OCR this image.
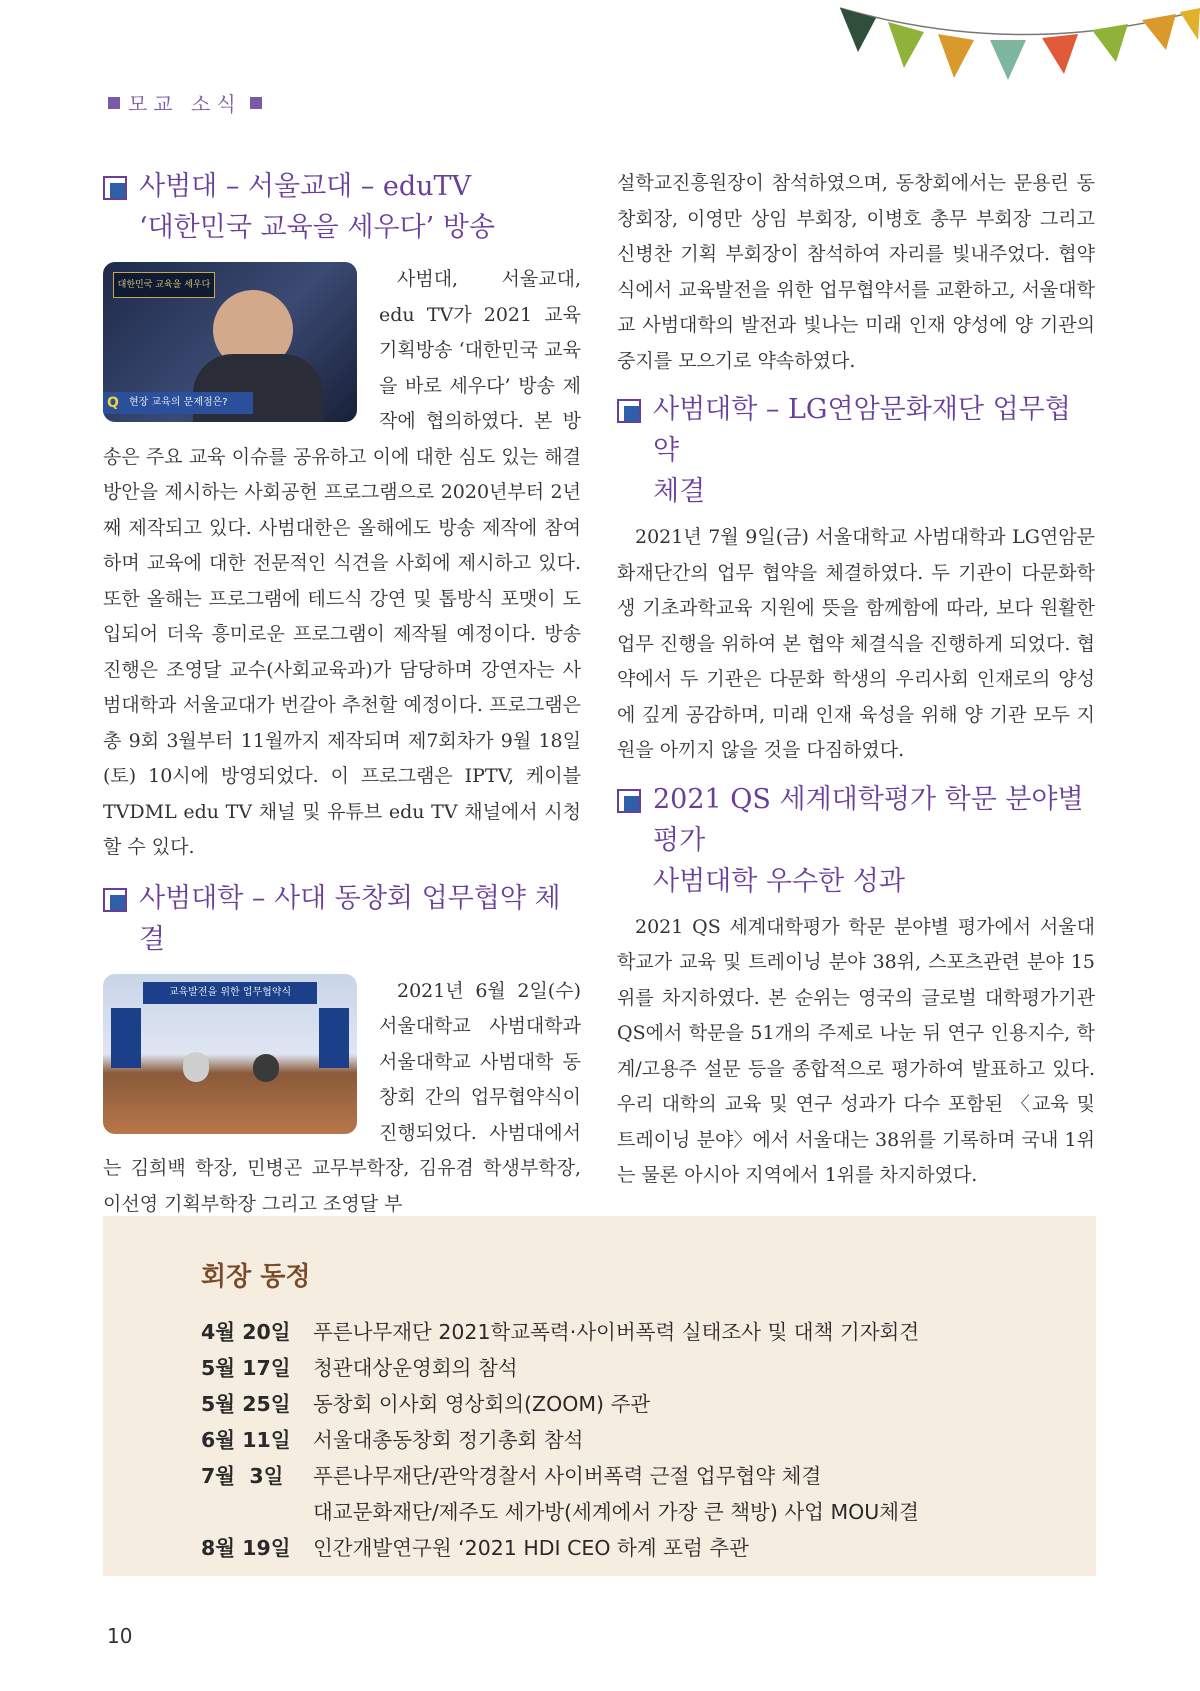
모교 소식
사범대 – 서울교대 – eduTV
‘대한민국 교육을 세우다’ 방송
대한민국 교육을 세우다
현장 교육의 문제점은?
Q

사범대, 서울교대, edu TV가 2021 교육 기획방송 ‘대한민국 교육을 바로 세우다’ 방송 제작에 협의하였다. 본 방송은 주요 교육 이슈를 공유하고 이에 대한 심도 있는 해결 방안을 제시하는 사회공헌 프로그램으로 2020년부터 2년째 제작되고 있다. 사범대한은 올해에도 방송 제작에 참여하며 교육에 대한 전문적인 식견을 사회에 제시하고 있다. 또한 올해는 프로그램에 테드식 강연 및 톱방식 포맷이 도입되어 더욱 흥미로운 프로그램이 제작될 예정이다. 방송진행은 조영달 교수(사회교육과)가 담당하며 강연자는 사범대학과 서울교대가 번갈아 추천할 예정이다. 프로그램은 총 9회 3월부터 11월까지 제작되며 제7회차가 9월 18일(토) 10시에 방영되었다. 이 프로그램은 IPTV, 케이블TVDML edu TV 채널 및 유튜브 edu TV 채널에서 시청할 수 있다.

사범대학 – 사대 동창회 업무협약 체결
교육발전을 위한 업무협약식	2021년 6월 2일(수) 서울대학교 사범대학과 서울대학교 사범대학 동창회 간의 업무협약식이 진행되었다. 사범대에서는 김희백 학장, 민병곤 교무부학장, 김유겸 학생부학장, 이선영 기획부학장 그리고 조영달 부

설학교진흥원장이 참석하였으며, 동창회에서는 문용린 동창회장, 이영만 상임 부회장, 이병호 총무 부회장 그리고 신병찬 기획 부회장이 참석하여 자리를 빛내주었다. 협약식에서 교육발전을 위한 업무협약서를 교환하고, 서울대학교 사범대학의 발전과 빛나는 미래 인재 양성에 양 기관의 중지를 모으기로 약속하였다.

사범대학 – LG연암문화재단 업무협약
체결

2021년 7월 9일(금) 서울대학교 사범대학과 LG연암문화재단간의 업무 협약을 체결하였다. 두 기관이 다문화학생 기초과학교육 지원에 뜻을 함께함에 따라, 보다 원활한 업무 진행을 위하여 본 협약 체결식을 진행하게 되었다. 협약에서 두 기관은 다문화 학생의 우리사회 인재로의 양성에 깊게 공감하며, 미래 인재 육성을 위해 양 기관 모두 지원을 아끼지 않을 것을 다짐하였다.

2021 QS 세계대학평가 학문 분야별 평가
사범대학 우수한 성과

2021 QS 세계대학평가 학문 분야별 평가에서 서울대학교가 교육 및 트레이닝 분야 38위, 스포츠관련 분야 15위를 차지하였다. 본 순위는 영국의 글로벌 대학평가기관 QS에서 학문을 51개의 주제로 나눈 뒤 연구 인용지수, 학계/고용주 설문 등을 종합적으로 평가하여 발표하고 있다. 우리 대학의 교육 및 연구 성과가 다수 포함된 〈교육 및 트레이닝 분야〉에서 서울대는 38위를 기록하며 국내 1위는 물론 아시아 지역에서 1위를 차지하였다.

회장 동정
4월 20일 푸른나무재단 2021학교폭력·사이버폭력 실태조사 및 대책 기자회견
5월 17일 청관대상운영회의 참석
5월 25일 동창회 이사회 영상회의(ZOOM) 주관
6월 11일 서울대총동창회 정기총회 참석
7월  3일 푸른나무재단/관악경찰서 사이버폭력 근절 업무협약 체결
대교문화재단/제주도 세가방(세계에서 가장 큰 책방) 사업 MOU체결
8월 19일 인간개발연구원 ‘2021 HDI CEO 하계 포럼 추관
10
